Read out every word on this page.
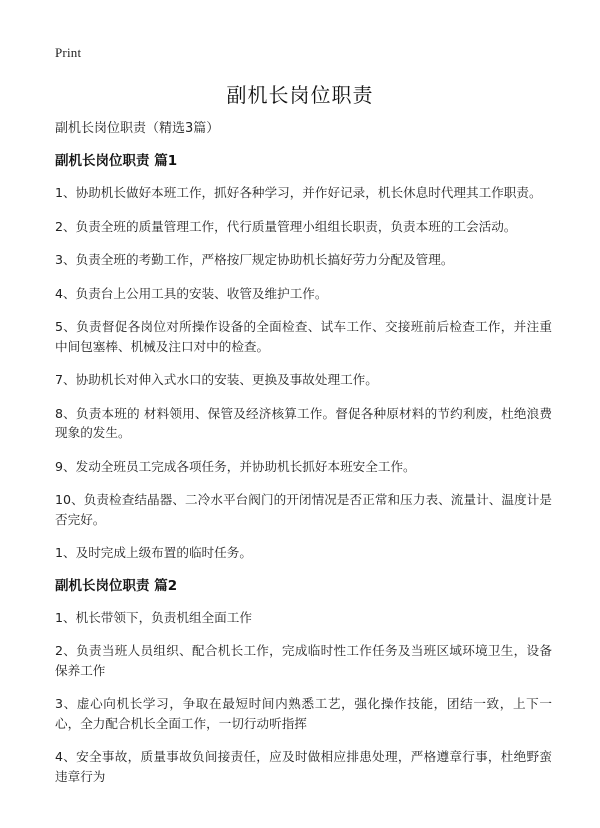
Print
副机长岗位职责

副机长岗位职责（精选3篇）

副机长岗位职责 篇1

1、协助机长做好本班工作，抓好各种学习，并作好记录，机长休息时代理其工作职责。

2、负责全班的质量管理工作，代行质量管理小组组长职责，负责本班的工会活动。

3、负责全班的考勤工作，严格按厂规定协助机长搞好劳力分配及管理。

4、负责台上公用工具的安装、收管及维护工作。

5、负责督促各岗位对所操作设备的全面检查、试车工作、交接班前后检查工作，并注重中间包塞棒、机械及注口对中的检查。

7、协助机长对伸入式水口的安装、更换及事故处理工作。

8、负责本班的 材料领用、保管及经济核算工作。督促各种原材料的节约利废，杜绝浪费现象的发生。

9、发动全班员工完成各项任务，并协助机长抓好本班安全工作。

10、负责检查结晶器、二冷水平台阀门的开闭情况是否正常和压力表、流量计、温度计是否完好。

1、及时完成上级布置的临时任务。

副机长岗位职责 篇2

1、机长带领下，负责机组全面工作

2、负责当班人员组织、配合机长工作，完成临时性工作任务及当班区域环境卫生，设备保养工作

3、虚心向机长学习，争取在最短时间内熟悉工艺，强化操作技能，团结一致，上下一心，全力配合机长全面工作，一切行动听指挥

4、安全事故，质量事故负间接责任，应及时做相应排患处理，严格遵章行事，杜绝野蛮违章行为
